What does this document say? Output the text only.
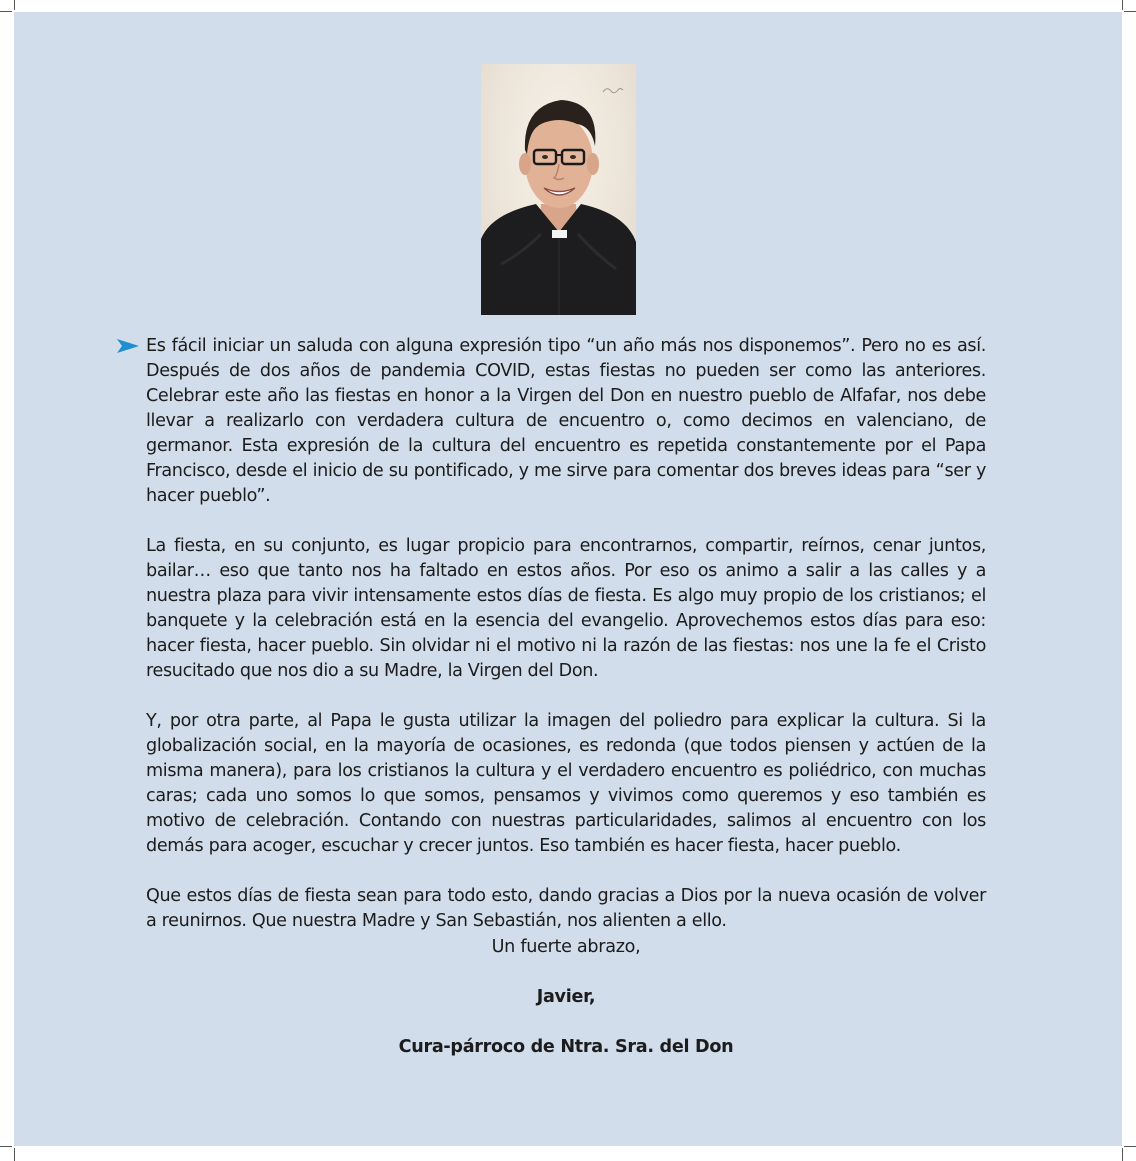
Es fácil iniciar un saluda con alguna expresión tipo “un año más nos disponemos”. Pero no es así. Después de dos años de pandemia COVID, estas fiestas no pueden ser como las anteriores. Celebrar este año las fiestas en honor a la Virgen del Don en nuestro pueblo de Alfafar, nos debe llevar a realizarlo con verdadera cultura de encuentro o, como decimos en valenciano, de germanor. Esta expresión de la cultura del encuentro es repetida constantemente por el Papa Francisco, desde el inicio de su pontificado, y me sirve para comentar dos breves ideas para “ser y hacer pueblo”.

La fiesta, en su conjunto, es lugar propicio para encontrarnos, compartir, reírnos, cenar juntos, bailar… eso que tanto nos ha faltado en estos años. Por eso os animo a salir a las calles y a nuestra plaza para vivir intensamente estos días de fiesta. Es algo muy propio de los cristianos; el banquete y la celebración está en la esencia del evangelio. Aprovechemos estos días para eso: hacer fiesta, hacer pueblo. Sin olvidar ni el motivo ni la razón de las fiestas: nos une la fe el Cristo resucitado que nos dio a su Madre, la Virgen del Don.

Y, por otra parte, al Papa le gusta utilizar la imagen del poliedro para explicar la cultura. Si la globalización social, en la mayoría de ocasiones, es redonda (que todos piensen y actúen de la misma manera), para los cristianos la cultura y el verdadero encuentro es poliédrico, con muchas caras; cada uno somos lo que somos, pensamos y vivimos como queremos y eso también es motivo de celebración. Contando con nuestras particularidades, salimos al encuentro con los demás para acoger, escuchar y crecer juntos. Eso también es hacer fiesta, hacer pueblo.

Que estos días de fiesta sean para todo esto, dando gracias a Dios por la nueva ocasión de volver a reunirnos. Que nuestra Madre y San Sebastián, nos alienten a ello.

Un fuerte abrazo,
Javier,
Cura-párroco de Ntra. Sra. del Don
